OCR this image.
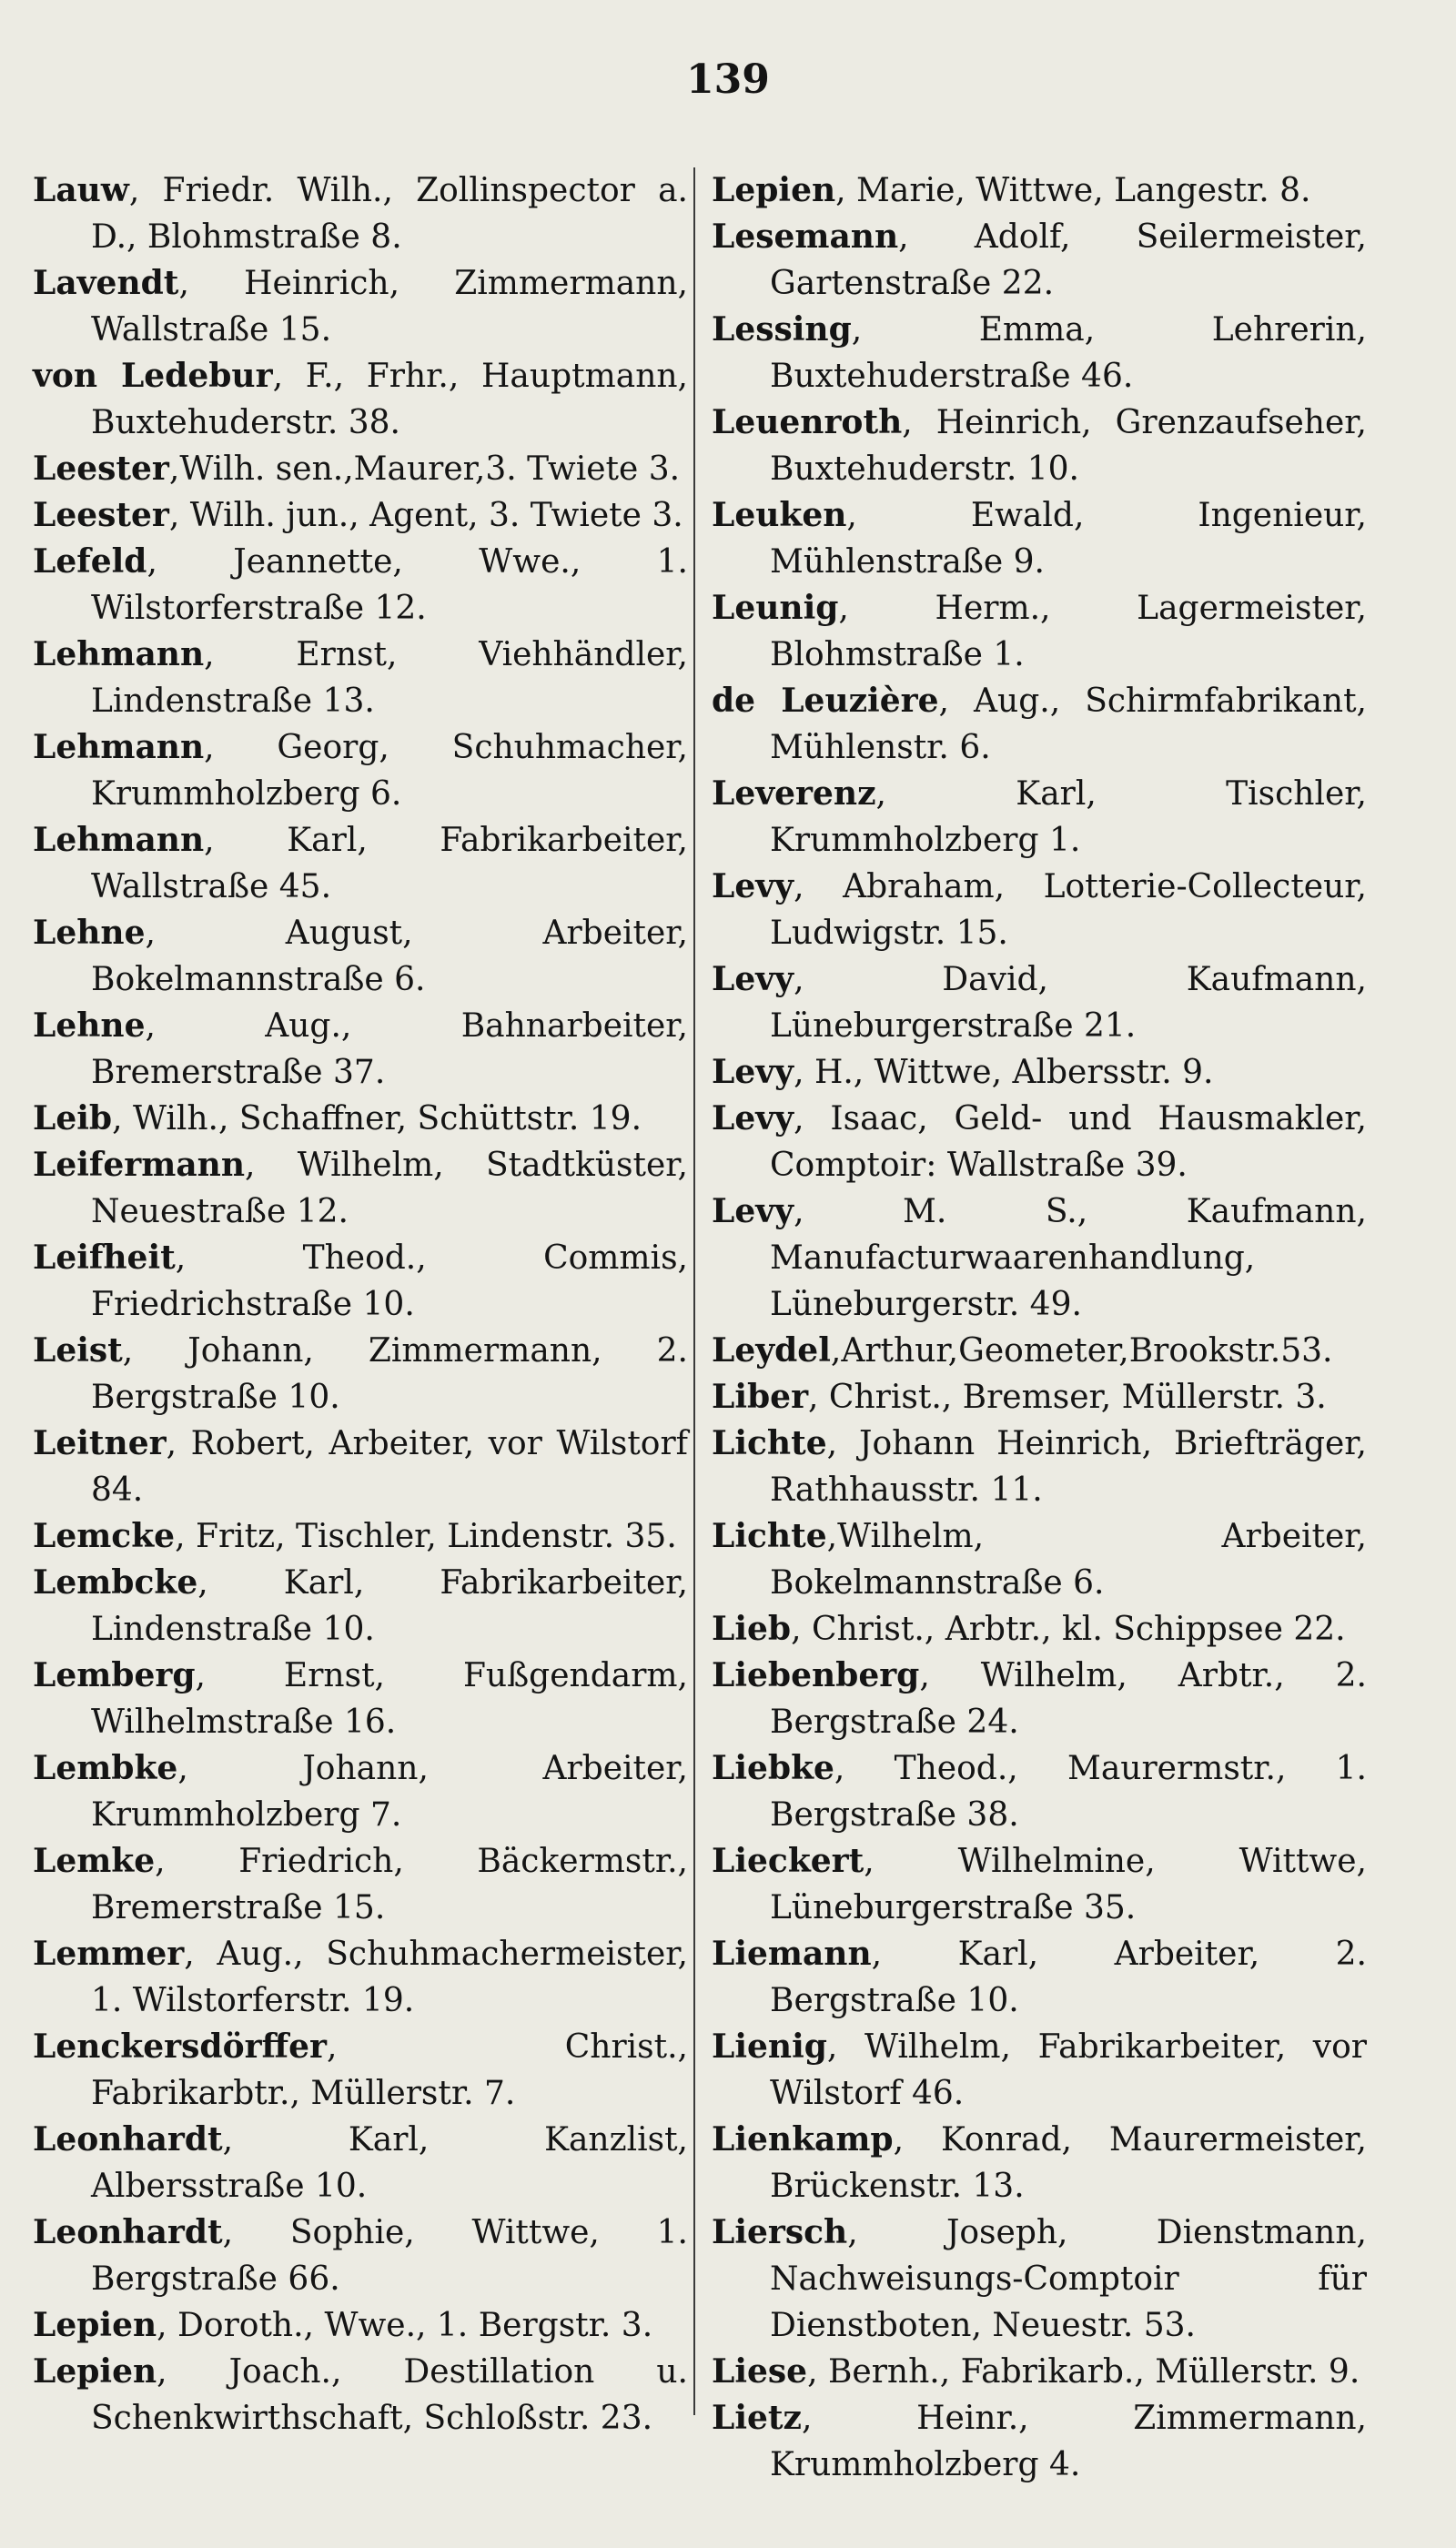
139
Lauw, Friedr. Wilh., Zollinspector a. D., Blohmstraße 8.
Lavendt, Heinrich, Zimmermann, Wallstraße 15.
von Ledebur, F., Frhr., Hauptmann, Buxtehuderstr. 38.
Leester,Wilh. sen.,Maurer,3. Twiete 3.
Leester, Wilh. jun., Agent, 3. Twiete 3.
Lefeld, Jeannette, Wwe., 1. Wilstorferstraße 12.
Lehmann, Ernst, Viehhändler, Lindenstraße 13.
Lehmann, Georg, Schuhmacher, Krummholzberg 6.
Lehmann, Karl, Fabrikarbeiter, Wallstraße 45.
Lehne, August, Arbeiter, Bokelmannstraße 6.
Lehne, Aug., Bahnarbeiter, Bremerstraße 37.
Leib, Wilh., Schaffner, Schüttstr. 19.
Leifermann, Wilhelm, Stadtküster, Neuestraße 12.
Leifheit, Theod., Commis, Friedrichstraße 10.
Leist, Johann, Zimmermann, 2. Bergstraße 10.
Leitner, Robert, Arbeiter, vor Wilstorf 84.
Lemcke, Fritz, Tischler, Lindenstr. 35.
Lembcke, Karl, Fabrikarbeiter, Lindenstraße 10.
Lemberg, Ernst, Fußgendarm, Wilhelmstraße 16.
Lembke, Johann, Arbeiter, Krummholzberg 7.
Lemke, Friedrich, Bäckermstr., Bremerstraße 15.
Lemmer, Aug., Schuhmachermeister, 1. Wilstorferstr. 19.
Lenckersdörffer, Christ., Fabrikarbtr., Müllerstr. 7.
Leonhardt, Karl, Kanzlist, Albersstraße 10.
Leonhardt, Sophie, Wittwe, 1. Bergstraße 66.
Lepien, Doroth., Wwe., 1. Bergstr. 3.
Lepien, Joach., Destillation u. Schenkwirthschaft, Schloßstr. 23.
Lepien, Marie, Wittwe, Langestr. 8.
Lesemann, Adolf, Seilermeister, Gartenstraße 22.
Lessing, Emma, Lehrerin, Buxtehuderstraße 46.
Leuenroth, Heinrich, Grenzaufseher, Buxtehuderstr. 10.
Leuken, Ewald, Ingenieur, Mühlenstraße 9.
Leunig, Herm., Lagermeister, Blohmstraße 1.
de Leuzière, Aug., Schirmfabrikant, Mühlenstr. 6.
Leverenz, Karl, Tischler, Krummholzberg 1.
Levy, Abraham, Lotterie-Collecteur, Ludwigstr. 15.
Levy, David, Kaufmann, Lüneburgerstraße 21.
Levy, H., Wittwe, Albersstr. 9.
Levy, Isaac, Geld- und Hausmakler, Comptoir: Wallstraße 39.
Levy, M. S., Kaufmann, Manufacturwaarenhandlung, Lüneburgerstr. 49.
Leydel,Arthur,Geometer,Brookstr.53.
Liber, Christ., Bremser, Müllerstr. 3.
Lichte, Johann Heinrich, Briefträger, Rathhausstr. 11.
Lichte,Wilhelm, Arbeiter, Bokelmannstraße 6.
Lieb, Christ., Arbtr., kl. Schippsee 22.
Liebenberg, Wilhelm, Arbtr., 2. Bergstraße 24.
Liebke, Theod., Maurermstr., 1. Bergstraße 38.
Lieckert, Wilhelmine, Wittwe, Lüneburgerstraße 35.
Liemann, Karl, Arbeiter, 2. Bergstraße 10.
Lienig, Wilhelm, Fabrikarbeiter, vor Wilstorf 46.
Lienkamp, Konrad, Maurermeister, Brückenstr. 13.
Liersch, Joseph, Dienstmann, Nachweisungs-Comptoir für Dienstboten, Neuestr. 53.
Liese, Bernh., Fabrikarb., Müllerstr. 9.
Lietz, Heinr., Zimmermann, Krummholzberg 4.
